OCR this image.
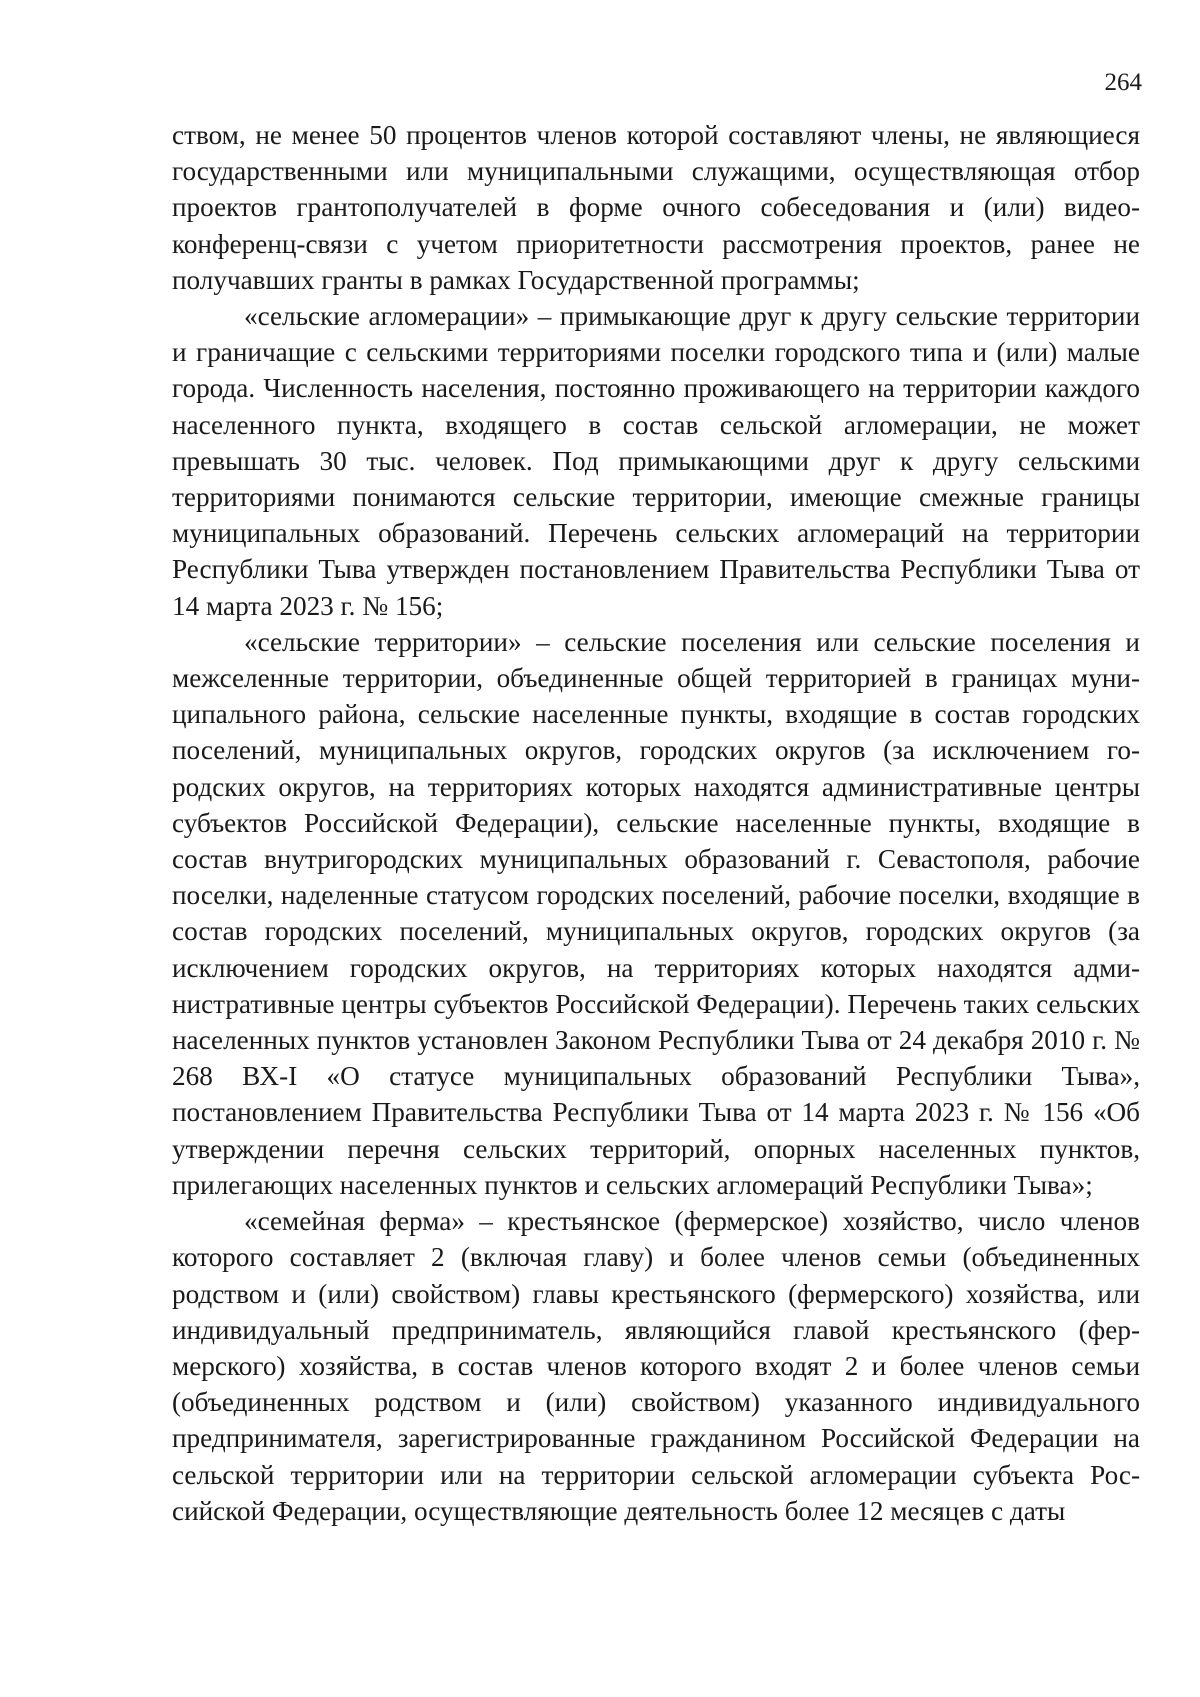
264

ством, не менее 50 процентов членов которой составляют члены, не являющиеся государственными или муниципальными служащими, осуществляющая отбор проектов грантополучателей в форме очного собеседования и (или) видеоконференц-связи с учетом приоритетности рассмотрения проектов, ранее не получавших гранты в рамках Государственной программы;

«сельские агломерации» – примыкающие друг к другу сельские территории и граничащие с сельскими территориями поселки городского типа и (или) малые города. Численность населения, постоянно проживающего на территории каждого населенного пункта, входящего в состав сельской агломерации, не может превышать 30 тыс. человек. Под примыкающими друг к другу сельскими территориями понимаются сельские территории, имеющие смежные границы муниципальных образований. Перечень сельских агломераций на территории Республики Тыва утвержден постановлением Правительства Республики Тыва от 14 марта 2023 г. № 156;

«сельские территории» – сельские поселения или сельские поселения и межселенные территории, объединенные общей территорией в границах муниципального района, сельские населенные пункты, входящие в состав городских поселений, муниципальных округов, городских округов (за исключением городских округов, на территориях которых находятся административные центры субъектов Российской Федерации), сельские населенные пункты, входящие в состав внутригородских муниципальных образований г. Севастополя, рабочие поселки, наделенные статусом городских поселений, рабочие поселки, входящие в состав городских поселений, муниципальных округов, городских округов (за исключением городских округов, на территориях которых находятся административные центры субъектов Российской Федерации). Перечень таких сельских населенных пунктов установлен Законом Республики Тыва от 24 декабря 2010 г. № 268 ВХ-I «О статусе муниципальных образований Республики Тыва», постановлением Правительства Республики Тыва от 14 марта 2023 г. № 156 «Об утверждении перечня сельских территорий, опорных населенных пунктов, прилегающих населенных пунктов и сельских агломераций Республики Тыва»;

«семейная ферма» – крестьянское (фермерское) хозяйство, число членов которого составляет 2 (включая главу) и более членов семьи (объединенных родством и (или) свойством) главы крестьянского (фермерского) хозяйства, или индивидуальный предприниматель, являющийся главой крестьянского (фермерского) хозяйства, в состав членов которого входят 2 и более членов семьи (объединенных родством и (или) свойством) указанного индивидуального предпринимателя, зарегистрированные гражданином Российской Федерации на сельской территории или на территории сельской агломерации субъекта Российской Федерации, осуществляющие деятельность более 12 месяцев с даты
